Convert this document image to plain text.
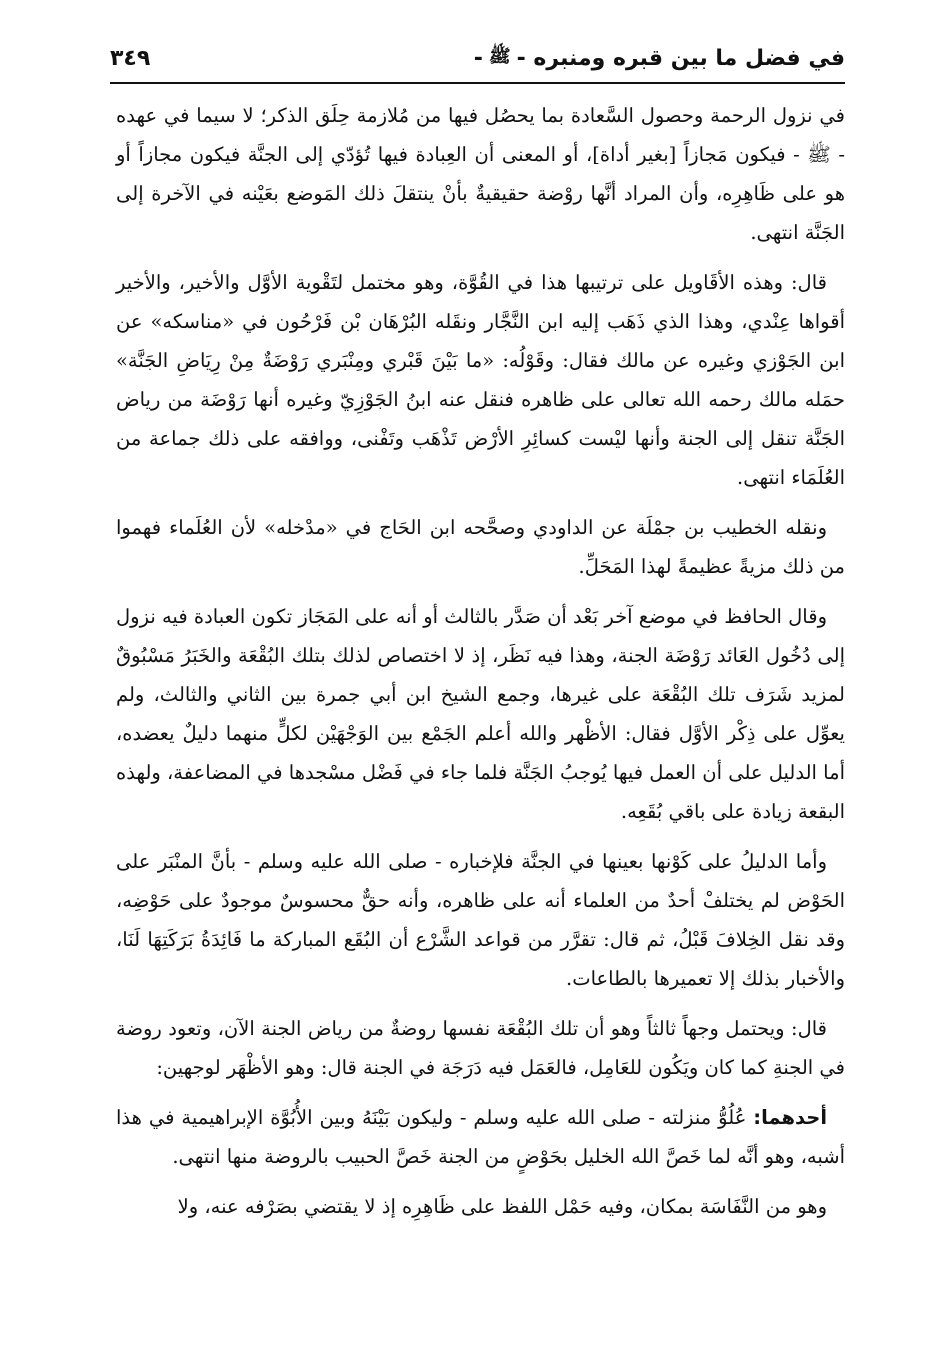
في فضل ما بين قبره ومنبره -
ﷺ
-
٣٤٩

في نزول الرحمة وحصول السَّعادة بما يحصُل فيها من مُلازمة حِلَق الذكر؛ لا سيما في عهده - ﷺ - فيكون مَجازاً [بغير أداة]، أو المعنى أن العِبادة فيها تُؤدّي إلى الجنَّة فيكون مجازاً أو هو على ظَاهِرِه، وأن المراد أنَّها روْضة حقيقيةٌ بأنْ ينتقلَ ذلك المَوضع بعَيْنه في الآخرة إلى الجَنَّة انتهى.

قال: وهذه الأقَاويل على ترتيبها هذا في القُوَّة، وهو مختمل لتَقْوية الأوَّل والأخير، والأخير أقواها عِنْدي، وهذا الذي ذَهَب إليه ابن النَّجَّار ونقَله البُرْهَان بْن فَرْحُون في «مناسكه» عن ابن الجَوْزي وغيره عن مالك فقال: وقَوْلُه: «ما بَيْنَ قَبْري ومِنْبَري رَوْضَةٌ مِنْ رِيَاضِ الجَنَّة» حمَله مالك رحمه الله تعالى على ظاهره فنقل عنه ابنُ الجَوْزِيّ وغيره أنها رَوْضَة من رياض الجَنَّة تنقل إلى الجنة وأنها ليْست كسائِرِ الأرْض تَذْهَب وتَفْنى، ووافقه على ذلك جماعة من العُلَمَاء انتهى.

ونقله الخطيب بن جمْلَة عن الداودي وصحَّحه ابن الحَاج في «مدْخله» لأن العُلَماء فهموا من ذلك مزيةً عظيمةً لهذا المَحَلِّ.

وقال الحافظ في موضع آخر بَعْد أن صَدَّر بالثالث أو أنه على المَجَاز تكون العبادة فيه نزول إلى دُخُول العَائد رَوْضَة الجنة، وهذا فيه نَظَر، إذ لا اختصاص لذلك بتلك البُقْعَة والخَبَرُ مَسْبُوقٌ لمزيد شَرَف تلك البُقْعَة على غيرها، وجمع الشيخ ابن أبي جمرة بين الثاني والثالث، ولم يعوِّل على ذِكْر الأوَّل فقال: الأظْهر والله أعلم الجَمْع بين الوَجْهَيْن لكلٍّ منهما دليلٌ يعضده، أما الدليل على أن العمل فيها يُوجبُ الجَنَّة فلما جاء في فَضْل مسْجدها في المضاعفة، ولهذه البقعة زيادة على باقي بُقَعِه.

وأما الدليلُ على كَوْنها بعينها في الجنَّة فلإخباره - صلى الله عليه وسلم - بأنَّ المنْبَر على الحَوْض لم يختلفْ أحدٌ من العلماء أنه على ظاهره، وأنه حقٌّ محسوسٌ موجودٌ على حَوْضِه، وقد نقل الخِلافَ قَبْلُ، ثم قال: تقرَّر من قواعد الشَّرْع أن البُقَع المباركة ما فَائِدَةُ بَرَكَتِهَا لَنَا، والأخبار بذلك إلا تعميرها بالطاعات.

قال: ويحتمل وجهاً ثالثاً وهو أن تلك البُقْعَة نفسها روضةٌ من رياض الجنة الآن، وتعود روضة في الجنةِ كما كان ويَكُون للعَامِل، فالعَمَل فيه دَرَجَة في الجنة قال: وهو الأظْهَر لوجهين:

أحدهما: عُلُوُّ منزلته - صلى الله عليه وسلم - وليكون بَيْنَهُ وبين الأُبُوَّة الإبراهيمية في هذا أشبه، وهو أنَّه لما خَصَّ الله الخليل بحَوْضٍ من الجنة خَصَّ الحبيب بالروضة منها انتهى.

وهو من النَّفَاسَة بمكان، وفيه حَمْل اللفظ على ظَاهِرِه إذ لا يقتضي بصَرْفه عنه، ولا
